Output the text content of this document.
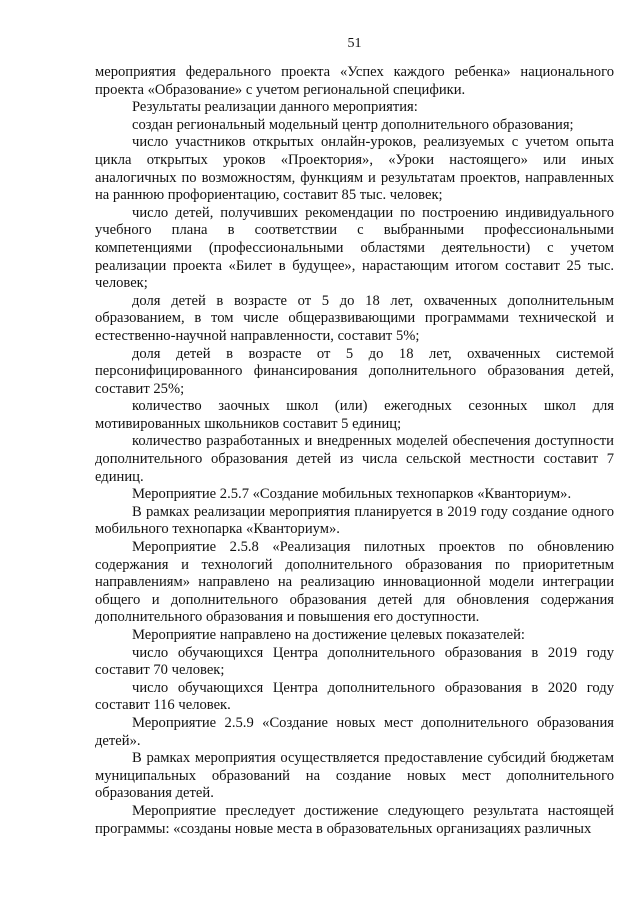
51

мероприятия федерального проекта «Успех каждого ребенка» национального проекта «Образование» с учетом региональной специфики.

Результаты реализации данного мероприятия:

создан региональный модельный центр дополнительного образования;

число участников открытых онлайн-уроков, реализуемых с учетом опыта цикла открытых уроков «Проектория», «Уроки настоящего» или иных аналогичных по возможностям, функциям и результатам проектов, направленных на раннюю профориентацию, составит 85 тыс. человек;

число детей, получивших рекомендации по построению индивидуального учебного плана в соответствии с выбранными профессиональными компетенциями (профессиональными областями деятельности) с учетом реализации проекта «Билет в будущее», нарастающим итогом составит 25 тыс. человек;

доля детей в возрасте от 5 до 18 лет, охваченных дополнительным образованием, в том числе общеразвивающими программами технической и естественно-научной направленности, составит 5%;

доля детей в возрасте от 5 до 18 лет, охваченных системой персонифицированного финансирования дополнительного образования детей, составит 25%;

количество заочных школ (или) ежегодных сезонных школ для мотивированных школьников составит 5 единиц;

количество разработанных и внедренных моделей обеспечения доступности дополнительного образования детей из числа сельской местности составит 7 единиц.

Мероприятие 2.5.7 «Создание мобильных технопарков «Кванториум».

В рамках реализации мероприятия планируется в 2019 году создание одного мобильного технопарка «Кванториум».

Мероприятие 2.5.8 «Реализация пилотных проектов по обновлению содержания и технологий дополнительного образования по приоритетным направлениям» направлено на реализацию инновационной модели интеграции общего и дополнительного образования детей для обновления содержания дополнительного образования и повышения его доступности.

Мероприятие направлено на достижение целевых показателей:

число обучающихся Центра дополнительного образования в 2019 году составит 70 человек;

число обучающихся Центра дополнительного образования в 2020 году составит 116 человек.

Мероприятие 2.5.9 «Создание новых мест дополнительного образования детей».

В рамках мероприятия осуществляется предоставление субсидий бюджетам муниципальных образований на создание новых мест дополнительного образования детей.

Мероприятие преследует достижение следующего результата настоящей программы: «созданы новые места в образовательных организациях различных
